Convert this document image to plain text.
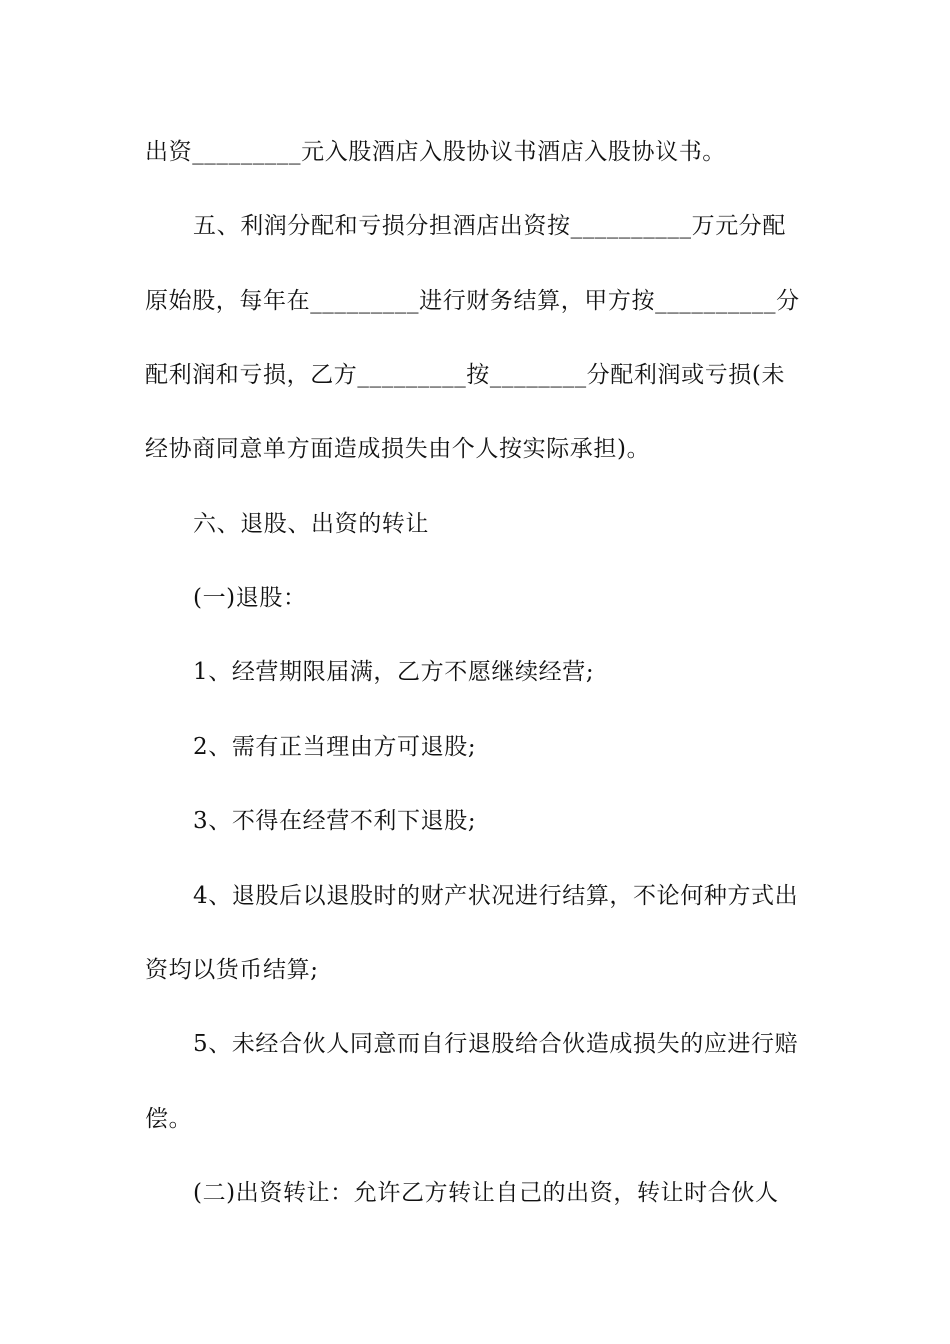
出资_________元入股酒店入股协议书酒店入股协议书。
五、利润分配和亏损分担酒店出资按__________万元分配
原始股，每年在_________进行财务结算，甲方按__________分
配利润和亏损，乙方_________按________分配利润或亏损(未
经协商同意单方面造成损失由个人按实际承担)。
六、退股、出资的转让
(一)退股：
1、经营期限届满，乙方不愿继续经营;
2、需有正当理由方可退股;
3、不得在经营不利下退股;
4、退股后以退股时的财产状况进行结算，不论何种方式出
资均以货币结算;
5、未经合伙人同意而自行退股给合伙造成损失的应进行赔
偿。
(二)出资转让：允许乙方转让自己的出资，转让时合伙人
